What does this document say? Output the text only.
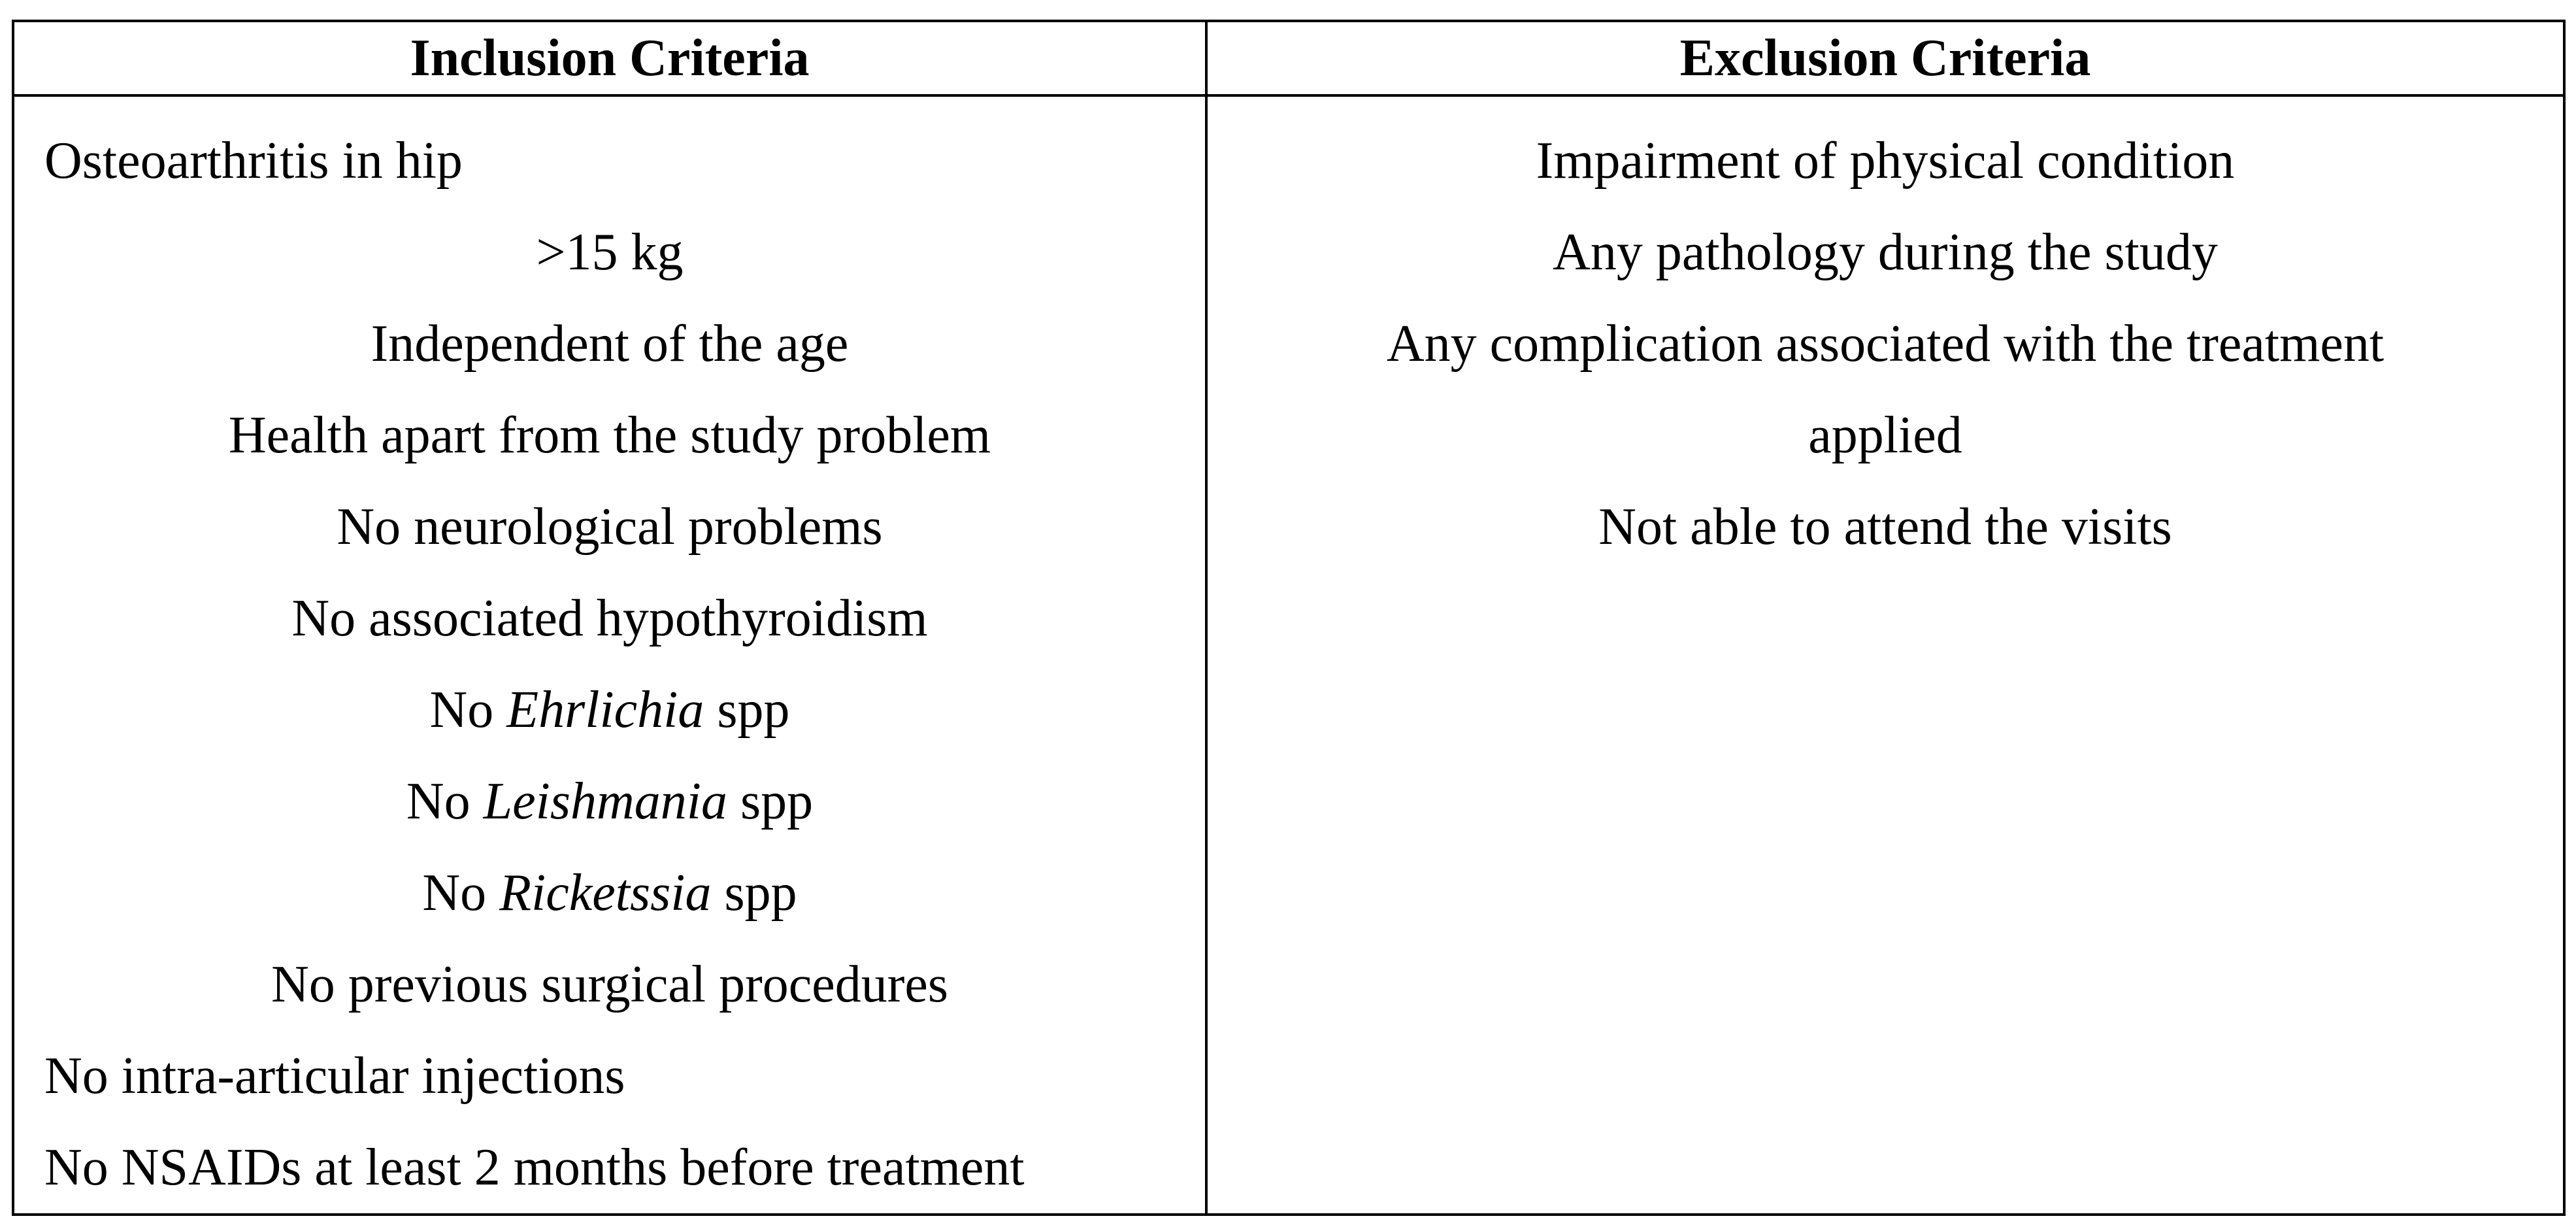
Inclusion Criteria	Exclusion Criteria
Osteoarthritis in hip
>15 kg
Independent of the age
Health apart from the study problem
No neurological problems
No associated hypothyroidism
No Ehrlichia spp
No Leishmania spp
No Ricketssia spp
No previous surgical procedures
No intra-articular injections
No NSAIDs at least 2 months before treatment
Impairment of physical condition
Any pathology during the study
Any complication associated with the treatment
applied
Not able to attend the visits
